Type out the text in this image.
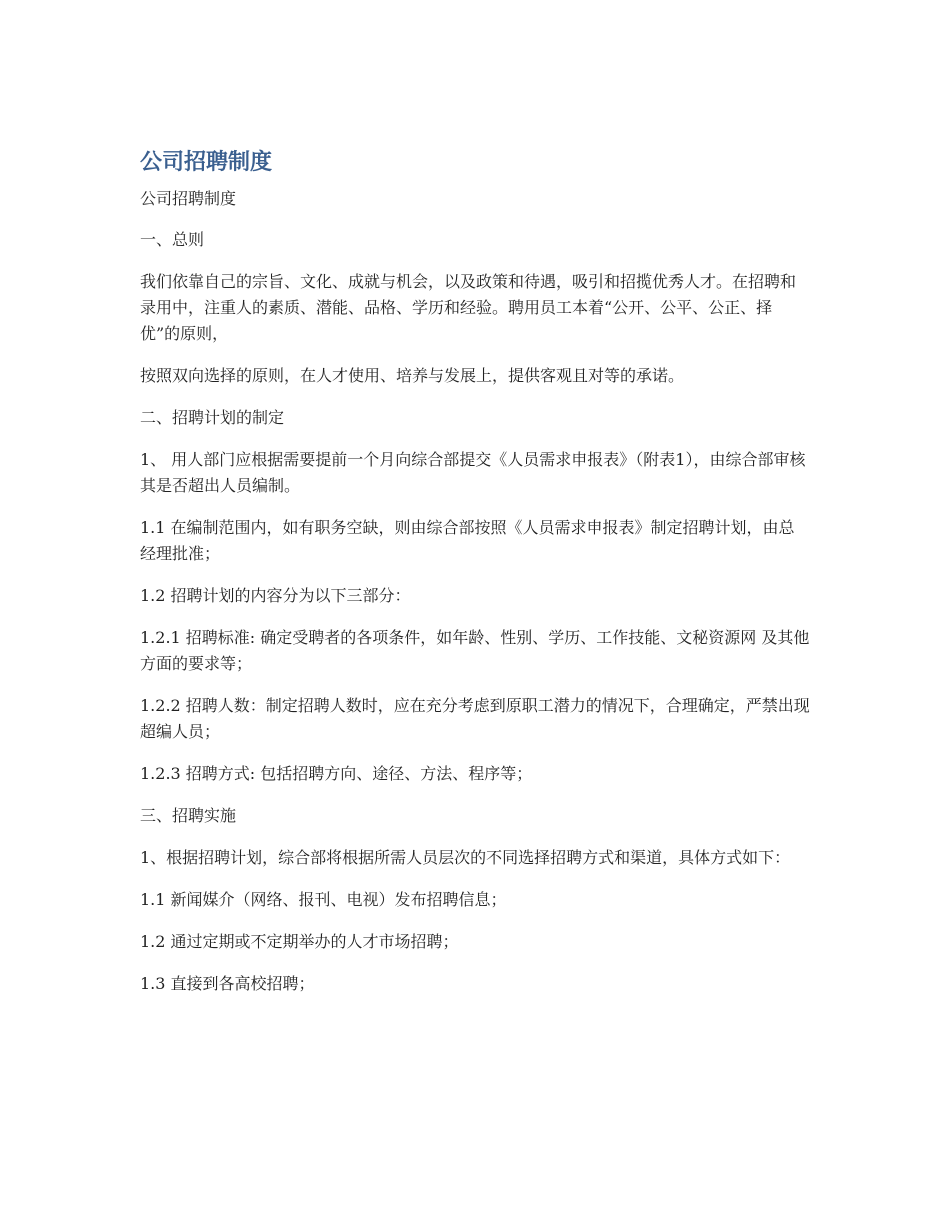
公司招聘制度

公司招聘制度

一、总则

我们依靠自己的宗旨、文化、成就与机会，以及政策和待遇，吸引和招揽优秀人才。在招聘和录用中，注重人的素质、潜能、品格、学历和经验。聘用员工本着“公开、公平、公正、择优”的原则，

按照双向选择的原则，在人才使用、培养与发展上，提供客观且对等的承诺。

二、招聘计划的制定

1、 用人部门应根据需要提前一个月向综合部提交《人员需求申报表》（附表1），由综合部审核其是否超出人员编制。

1.1 在编制范围内，如有职务空缺，则由综合部按照《人员需求申报表》制定招聘计划，由总经理批准；

1.2 招聘计划的内容分为以下三部分：

1.2.1 招聘标准: 确定受聘者的各项条件，如年龄、性别、学历、工作技能、文秘资源网 及其他方面的要求等；

1.2.2 招聘人数：制定招聘人数时，应在充分考虑到原职工潜力的情况下，合理确定，严禁出现超编人员；

1.2.3 招聘方式: 包括招聘方向、途径、方法、程序等；

三、招聘实施

1、根据招聘计划，综合部将根据所需人员层次的不同选择招聘方式和渠道，具体方式如下：

1.1 新闻媒介（网络、报刊、电视）发布招聘信息；

1.2 通过定期或不定期举办的人才市场招聘；

1.3 直接到各高校招聘；
